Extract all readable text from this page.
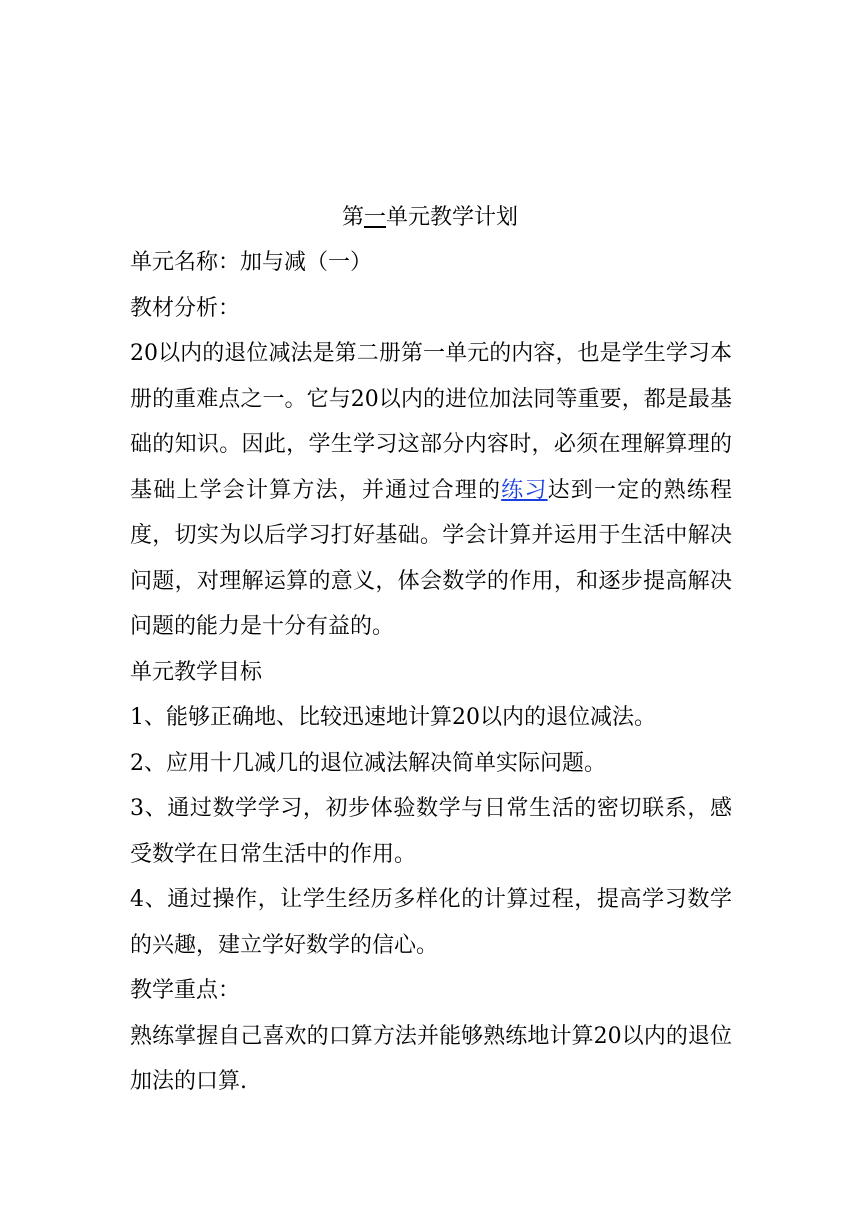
第一单元教学计划

单元名称：加与减（一）

教材分析：

20以内的退位减法是第二册第一单元的内容，也是学生学习本册的重难点之一。它与20以内的进位加法同等重要，都是最基础的知识。因此，学生学习这部分内容时，必须在理解算理的基础上学会计算方法，并通过合理的练习达到一定的熟练程度，切实为以后学习打好基础。学会计算并运用于生活中解决问题，对理解运算的意义，体会数学的作用，和逐步提高解决问题的能力是十分有益的。

单元教学目标

1、能够正确地、比较迅速地计算20以内的退位减法。

2、应用十几减几的退位减法解决简单实际问题。

3、通过数学学习，初步体验数学与日常生活的密切联系，感受数学在日常生活中的作用。

4、通过操作，让学生经历多样化的计算过程，提高学习数学的兴趣，建立学好数学的信心。

教学重点：

熟练掌握自己喜欢的口算方法并能够熟练地计算20以内的退位加法的口算.
